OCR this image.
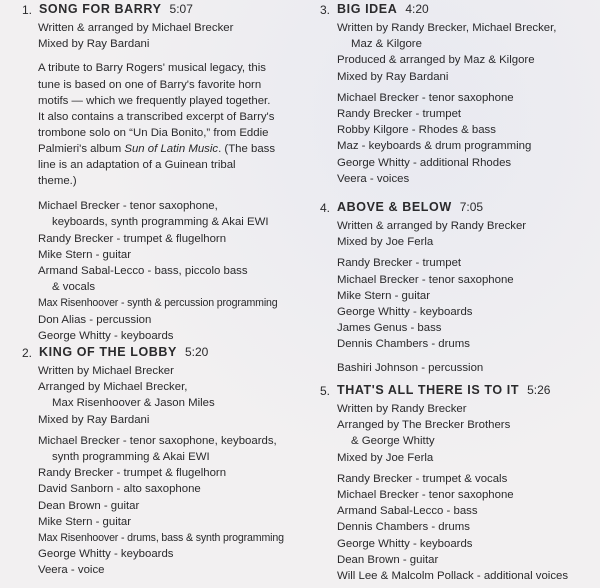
1. SONG FOR BARRY 5:07
Written & arranged by Michael Brecker
Mixed by Ray Bardani
A tribute to Barry Rogers' musical legacy, this
tune is based on one of Barry's favorite horn
motifs — which we frequently played together.
It also contains a transcribed excerpt of Barry's
trombone solo on “Un Dia Bonito,” from Eddie
Palmieri's album Sun of Latin Music. (The bass
line is an adaptation of a Guinean tribal
theme.)
Michael Brecker - tenor saxophone,
keyboards, synth programming & Akai EWI
Randy Brecker - trumpet & flugelhorn
Mike Stern - guitar
Armand Sabal-Lecco - bass, piccolo bass
& vocals
Max Risenhoover - synth & percussion programming
Don Alias - percussion
George Whitty - keyboards
2. KING OF THE LOBBY 5:20
Written by Michael Brecker
Arranged by Michael Brecker,
Max Risenhoover & Jason Miles
Mixed by Ray Bardani
Michael Brecker - tenor saxophone, keyboards,
synth programming & Akai EWI
Randy Brecker - trumpet & flugelhorn
David Sanborn - alto saxophone
Dean Brown - guitar
Mike Stern - guitar
Max Risenhoover - drums, bass & synth programming
George Whitty - keyboards
Veera - voice
3. BIG IDEA 4:20
Written by Randy Brecker, Michael Brecker,
Maz & Kilgore
Produced & arranged by Maz & Kilgore
Mixed by Ray Bardani
Michael Brecker - tenor saxophone
Randy Brecker - trumpet
Robby Kilgore - Rhodes & bass
Maz - keyboards & drum programming
George Whitty - additional Rhodes
Veera - voices
4. ABOVE & BELOW 7:05
Written & arranged by Randy Brecker
Mixed by Joe Ferla
Randy Brecker - trumpet
Michael Brecker - tenor saxophone
Mike Stern - guitar
George Whitty - keyboards
James Genus - bass
Dennis Chambers - drums
Bashiri Johnson - percussion
5. THAT'S ALL THERE IS TO IT 5:26
Written by Randy Brecker
Arranged by The Brecker Brothers
& George Whitty
Mixed by Joe Ferla
Randy Brecker - trumpet & vocals
Michael Brecker - tenor saxophone
Armand Sabal-Lecco - bass
Dennis Chambers - drums
George Whitty - keyboards
Dean Brown - guitar
Will Lee & Malcolm Pollack - additional voices
